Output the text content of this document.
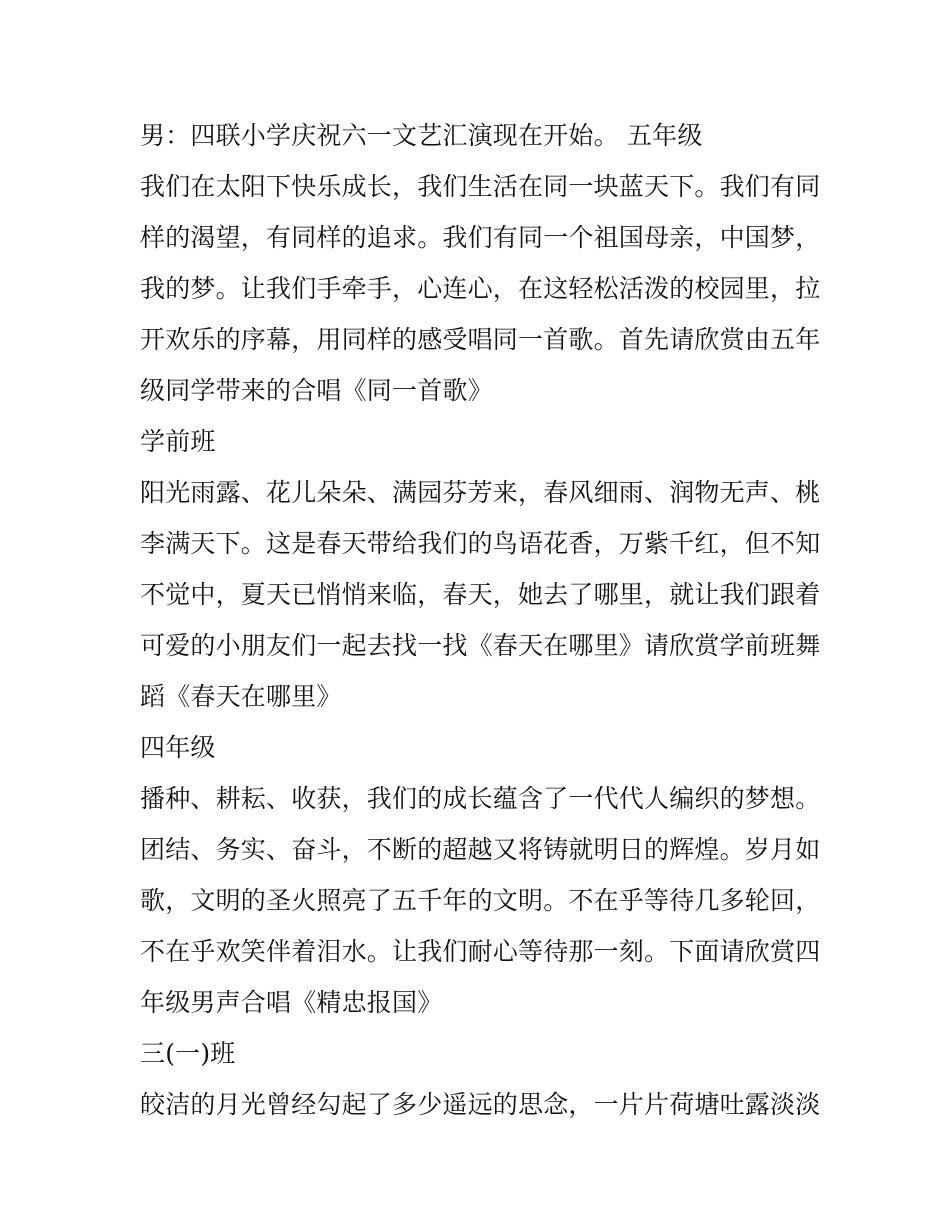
男：四联小学庆祝六一文艺汇演现在开始。 五年级
我们在太阳下快乐成长，我们生活在同一块蓝天下。我们有同
样的渴望，有同样的追求。我们有同一个祖国母亲，中国梦，
我的梦。让我们手牵手，心连心，在这轻松活泼的校园里，拉
开欢乐的序幕，用同样的感受唱同一首歌。首先请欣赏由五年
级同学带来的合唱《同一首歌》
学前班
阳光雨露、花儿朵朵、满园芬芳来，春风细雨、润物无声、桃
李满天下。这是春天带给我们的鸟语花香，万紫千红，但不知
不觉中，夏天已悄悄来临，春天，她去了哪里，就让我们跟着
可爱的小朋友们一起去找一找《春天在哪里》请欣赏学前班舞
蹈《春天在哪里》
四年级
播种、耕耘、收获，我们的成长蕴含了一代代人编织的梦想。
团结、务实、奋斗，不断的超越又将铸就明日的辉煌。岁月如
歌，文明的圣火照亮了五千年的文明。不在乎等待几多轮回，
不在乎欢笑伴着泪水。让我们耐心等待那一刻。下面请欣赏四
年级男声合唱《精忠报国》
三(一)班
皎洁的月光曾经勾起了多少遥远的思念，一片片荷塘吐露淡淡
